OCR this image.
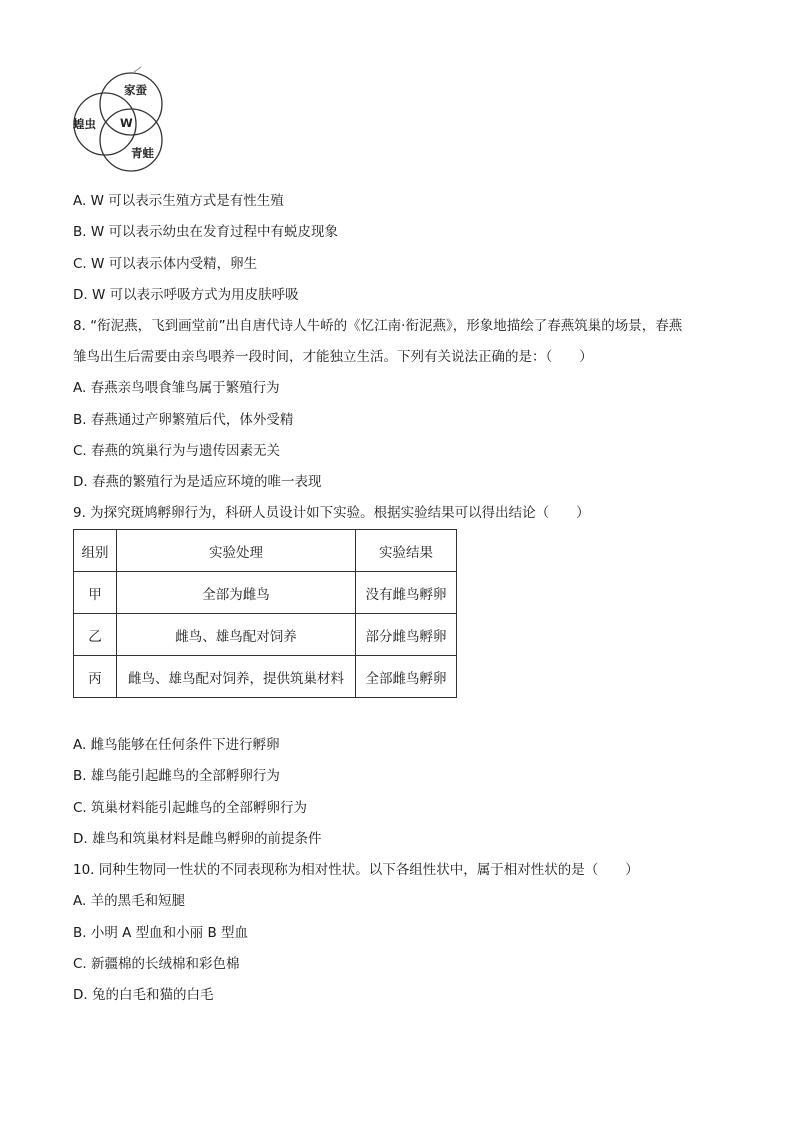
蝗虫
家蚕
青蛙
W
A. W 可以表示生殖方式是有性生殖
B. W 可以表示幼虫在发育过程中有蜕皮现象
C. W 可以表示体内受精，卵生
D. W 可以表示呼吸方式为用皮肤呼吸
8. “衔泥燕，飞到画堂前”出自唐代诗人牛峤的《忆江南·衔泥燕》，形象地描绘了春燕筑巢的场景，春燕
雏鸟出生后需要由亲鸟喂养一段时间，才能独立生活。下列有关说法正确的是：（　　）
A. 春燕亲鸟喂食雏鸟属于繁殖行为
B. 春燕通过产卵繁殖后代，体外受精
C. 春燕的筑巢行为与遗传因素无关
D. 春燕的繁殖行为是适应环境的唯一表现
9. 为探究斑鸠孵卵行为，科研人员设计如下实验。根据实验结果可以得出结论（　　）
组别	实验处理	实验结果
甲	全部为雌鸟	没有雌鸟孵卵
乙	雌鸟、雄鸟配对饲养	部分雌鸟孵卵
丙	雌鸟、雄鸟配对饲养，提供筑巢材料	全部雌鸟孵卵
A. 雌鸟能够在任何条件下进行孵卵
B. 雄鸟能引起雌鸟的全部孵卵行为
C. 筑巢材料能引起雌鸟的全部孵卵行为
D. 雄鸟和筑巢材料是雌鸟孵卵的前提条件
10. 同种生物同一性状的不同表现称为相对性状。以下各组性状中，属于相对性状的是（　　）
A. 羊的黑毛和短腿
B. 小明 A 型血和小丽 B 型血
C. 新疆棉的长绒棉和彩色棉
D. 兔的白毛和猫的白毛
